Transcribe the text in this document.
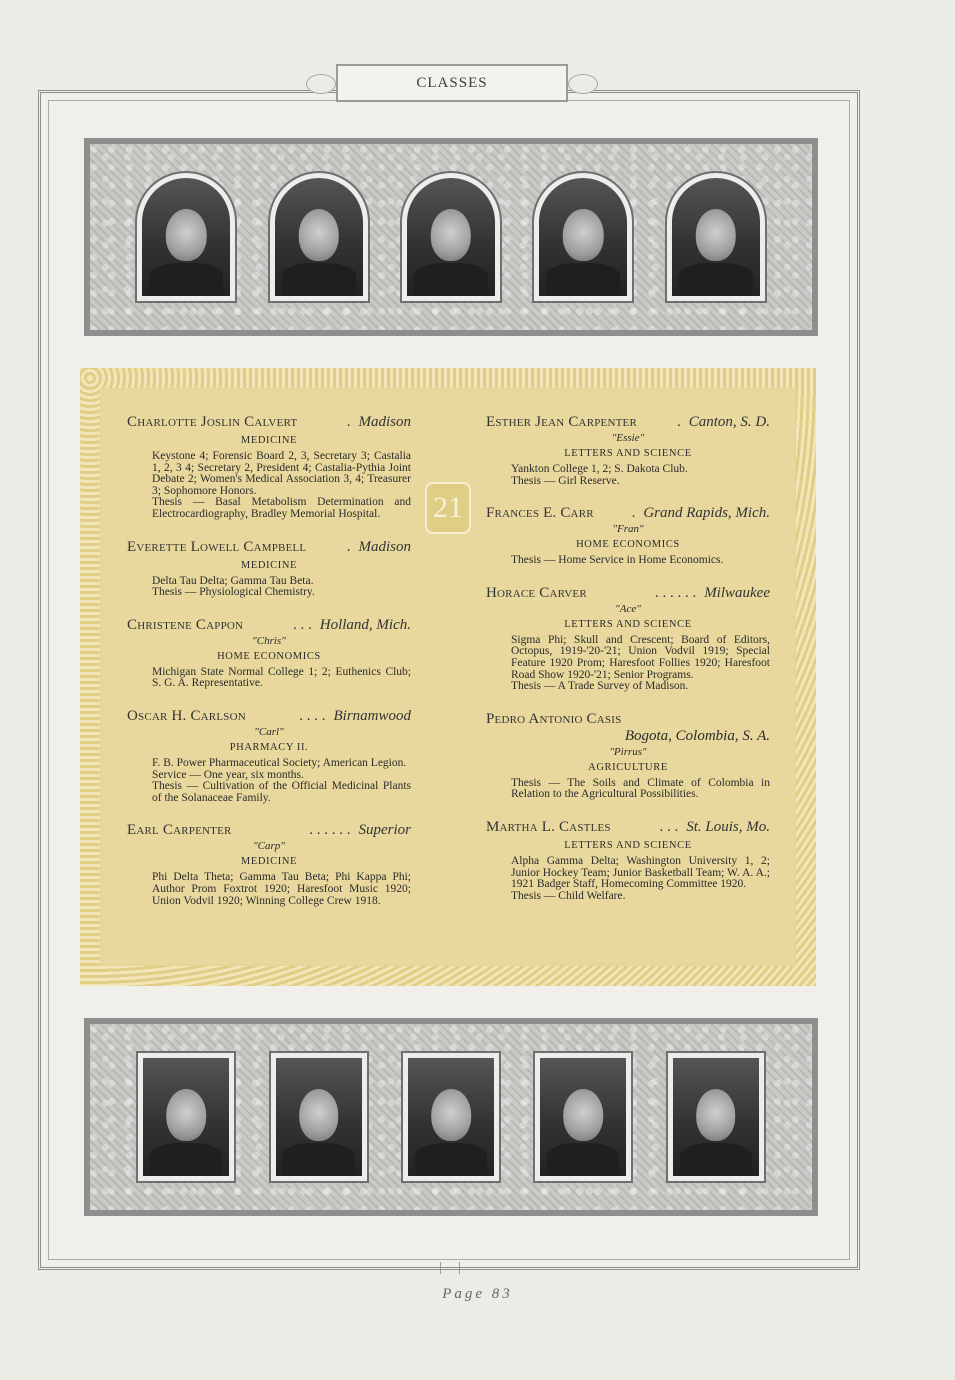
CLASSES
21
Charlotte Joslin Calvert	. Madison
MEDICINE

Keystone 4; Forensic Board 2, 3, Secretary 3; Castalia 1, 2, 3 4; Secretary 2, President 4; Castalia-Pythia Joint Debate 2; Women's Medical Association 3, 4; Treasurer 3; Sophomore Honors.

Thesis — Basal Metabolism Determination and Electrocardiography, Bradley Memorial Hospital.

Everette Lowell Campbell	. Madison
MEDICINE

Delta Tau Delta; Gamma Tau Beta.

Thesis — Physiological Chemistry.

Christene Cappon	. . . Holland, Mich.
"Chris"
HOME ECONOMICS

Michigan State Normal College 1; 2; Euthenics Club; S. G. A. Representative.

Oscar H. Carlson	. . . . Birnamwood
"Carl"
PHARMACY II.

F. B. Power Pharmaceutical Society; American Legion.

Service — One year, six months.

Thesis — Cultivation of the Official Medicinal Plants of the Solanaceae Family.

Earl Carpenter	. . . . . . Superior
"Carp"
MEDICINE

Phi Delta Theta; Gamma Tau Beta; Phi Kappa Phi; Author Prom Foxtrot 1920; Haresfoot Music 1920; Union Vodvil 1920; Winning College Crew 1918.

Esther Jean Carpenter	. Canton, S. D.
"Essie"
LETTERS AND SCIENCE

Yankton College 1, 2; S. Dakota Club.

Thesis — Girl Reserve.

Frances E. Carr	. Grand Rapids, Mich.
"Fran"
HOME ECONOMICS

Thesis — Home Service in Home Economics.

Horace Carver	. . . . . . Milwaukee
"Ace"
LETTERS AND SCIENCE

Sigma Phi; Skull and Crescent; Board of Editors, Octopus, 1919-'20-'21; Union Vodvil 1919; Special Feature 1920 Prom; Haresfoot Follies 1920; Haresfoot Road Show 1920-'21; Senior Programs.

Thesis — A Trade Survey of Madison.

Pedro Antonio Casis
Bogota, Colombia, S. A.
"Pirrus"
AGRICULTURE

Thesis — The Soils and Climate of Colombia in Relation to the Agricultural Possibilities.

Martha L. Castles	. . . St. Louis, Mo.
LETTERS AND SCIENCE

Alpha Gamma Delta; Washington University 1, 2; Junior Hockey Team; Junior Basketball Team; W. A. A.; 1921 Badger Staff, Homecoming Committee 1920.

Thesis — Child Welfare.

Page 83
